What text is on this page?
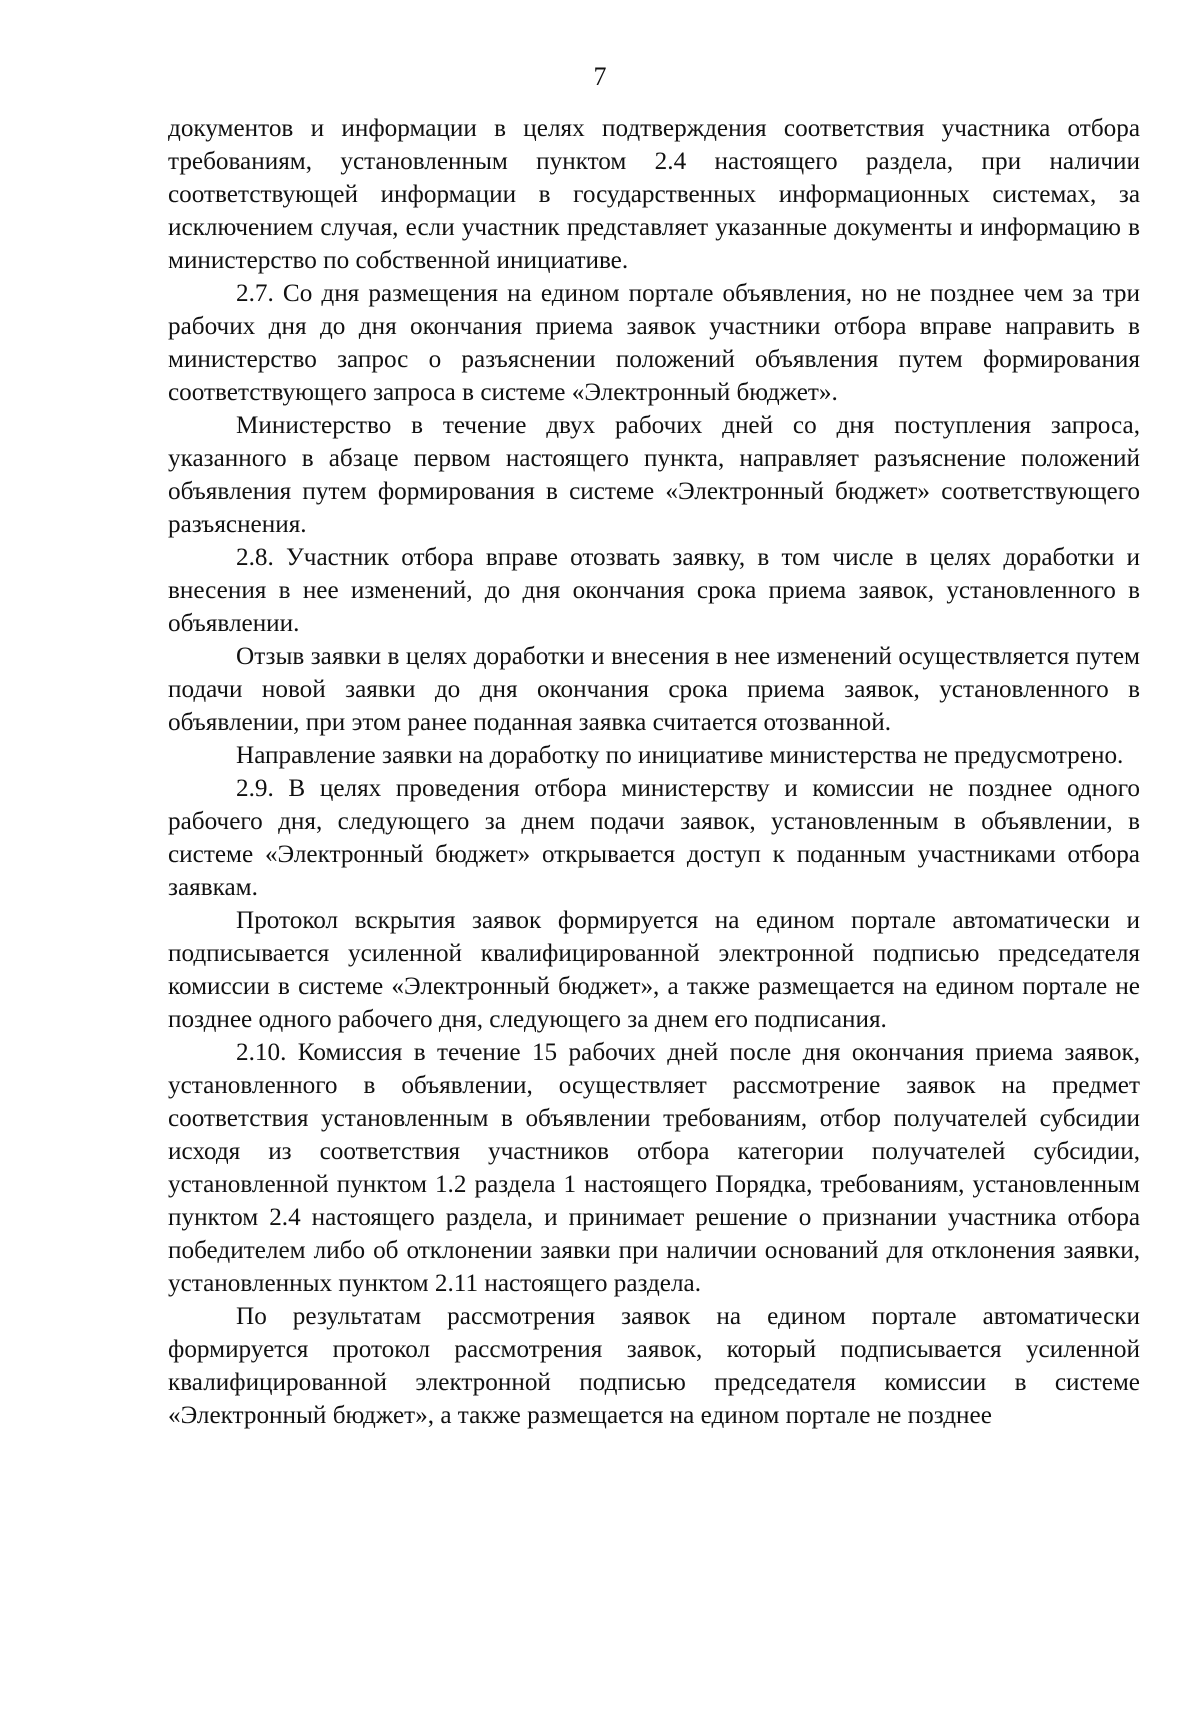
7

документов и информации в целях подтверждения соответствия участника отбора требованиям, установленным пунктом 2.4 настоящего раздела, при наличии соответствующей информации в государственных информационных системах, за исключением случая, если участник представляет указанные документы и информацию в министерство по собственной инициативе.

2.7. Со дня размещения на едином портале объявления, но не позднее чем за три рабочих дня до дня окончания приема заявок участники отбора вправе направить в министерство запрос о разъяснении положений объявления путем формирования соответствующего запроса в системе «Электронный бюджет».

Министерство в течение двух рабочих дней со дня поступления запроса, указанного в абзаце первом настоящего пункта, направляет разъяснение положений объявления путем формирования в системе «Электронный бюджет» соответствующего разъяснения.

2.8. Участник отбора вправе отозвать заявку, в том числе в целях доработки и внесения в нее изменений, до дня окончания срока приема заявок, установленного в объявлении.

Отзыв заявки в целях доработки и внесения в нее изменений осуществляется путем подачи новой заявки до дня окончания срока приема заявок, установленного в объявлении, при этом ранее поданная заявка считается отозванной.

Направление заявки на доработку по инициативе министерства не предусмотрено.

2.9. В целях проведения отбора министерству и комиссии не позднее одного рабочего дня, следующего за днем подачи заявок, установленным в объявлении, в системе «Электронный бюджет» открывается доступ к поданным участниками отбора заявкам.

Протокол вскрытия заявок формируется на едином портале автоматически и подписывается усиленной квалифицированной электронной подписью председателя комиссии в системе «Электронный бюджет», а также размещается на едином портале не позднее одного рабочего дня, следующего за днем его подписания.

2.10. Комиссия в течение 15 рабочих дней после дня окончания приема заявок, установленного в объявлении, осуществляет рассмотрение заявок на предмет соответствия установленным в объявлении требованиям, отбор получателей субсидии исходя из соответствия участников отбора категории получателей субсидии, установленной пунктом 1.2 раздела 1 настоящего Порядка, требованиям, установленным пунктом 2.4 настоящего раздела, и принимает решение о признании участника отбора победителем либо об отклонении заявки при наличии оснований для отклонения заявки, установленных пунктом 2.11 настоящего раздела.

По результатам рассмотрения заявок на едином портале автоматически формируется протокол рассмотрения заявок, который подписывается усиленной квалифицированной электронной подписью председателя комиссии в системе «Электронный бюджет», а также размещается на едином портале не позднее
